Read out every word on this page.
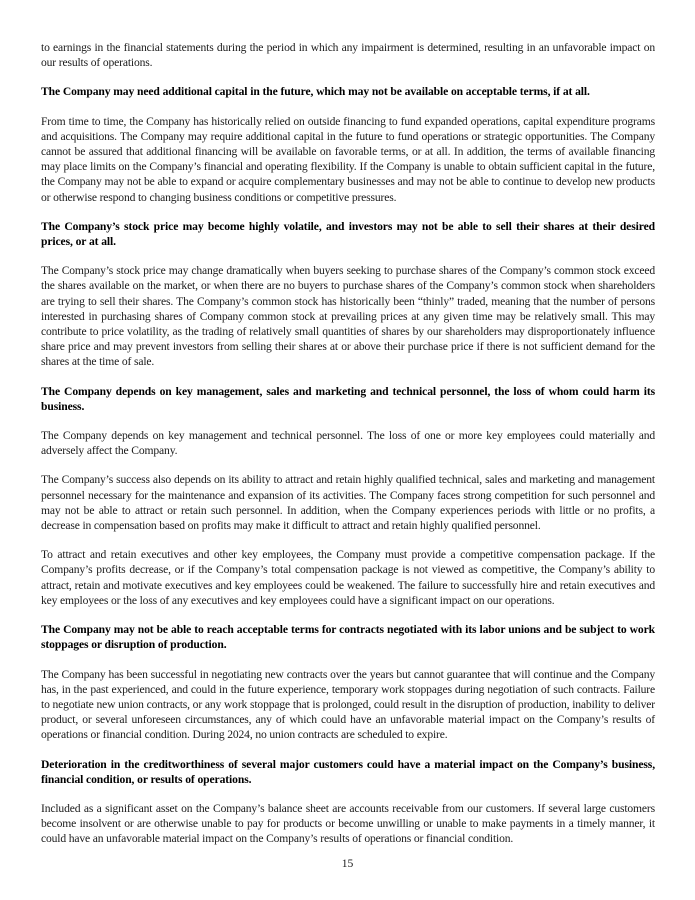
to earnings in the financial statements during the period in which any impairment is determined, resulting in an unfavorable impact on our results of operations.

The Company may need additional capital in the future, which may not be available on acceptable terms, if at all.

From time to time, the Company has historically relied on outside financing to fund expanded operations, capital expenditure programs and acquisitions. The Company may require additional capital in the future to fund operations or strategic opportunities. The Company cannot be assured that additional financing will be available on favorable terms, or at all. In addition, the terms of available financing may place limits on the Company’s financial and operating flexibility. If the Company is unable to obtain sufficient capital in the future, the Company may not be able to expand or acquire complementary businesses and may not be able to continue to develop new products or otherwise respond to changing business conditions or competitive pressures.

The Company’s stock price may become highly volatile, and investors may not be able to sell their shares at their desired prices, or at all.

The Company’s stock price may change dramatically when buyers seeking to purchase shares of the Company’s common stock exceed the shares available on the market, or when there are no buyers to purchase shares of the Company’s common stock when shareholders are trying to sell their shares. The Company’s common stock has historically been “thinly” traded, meaning that the number of persons interested in purchasing shares of Company common stock at prevailing prices at any given time may be relatively small. This may contribute to price volatility, as the trading of relatively small quantities of shares by our shareholders may disproportionately influence share price and may prevent investors from selling their shares at or above their purchase price if there is not sufficient demand for the shares at the time of sale.

The Company depends on key management, sales and marketing and technical personnel, the loss of whom could harm its business.

The Company depends on key management and technical personnel. The loss of one or more key employees could materially and adversely affect the Company.

The Company’s success also depends on its ability to attract and retain highly qualified technical, sales and marketing and management personnel necessary for the maintenance and expansion of its activities. The Company faces strong competition for such personnel and may not be able to attract or retain such personnel. In addition, when the Company experiences periods with little or no profits, a decrease in compensation based on profits may make it difficult to attract and retain highly qualified personnel.

To attract and retain executives and other key employees, the Company must provide a competitive compensation package. If the Company’s profits decrease, or if the Company’s total compensation package is not viewed as competitive, the Company’s ability to attract, retain and motivate executives and key employees could be weakened. The failure to successfully hire and retain executives and key employees or the loss of any executives and key employees could have a significant impact on our operations.

The Company may not be able to reach acceptable terms for contracts negotiated with its labor unions and be subject to work stoppages or disruption of production.

The Company has been successful in negotiating new contracts over the years but cannot guarantee that will continue and the Company has, in the past experienced, and could in the future experience, temporary work stoppages during negotiation of such contracts. Failure to negotiate new union contracts, or any work stoppage that is prolonged, could result in the disruption of production, inability to deliver product, or several unforeseen circumstances, any of which could have an unfavorable material impact on the Company’s results of operations or financial condition. During 2024, no union contracts are scheduled to expire.

Deterioration in the creditworthiness of several major customers could have a material impact on the Company’s business, financial condition, or results of operations.

Included as a significant asset on the Company’s balance sheet are accounts receivable from our customers. If several large customers become insolvent or are otherwise unable to pay for products or become unwilling or unable to make payments in a timely manner, it could have an unfavorable material impact on the Company’s results of operations or financial condition.

15
